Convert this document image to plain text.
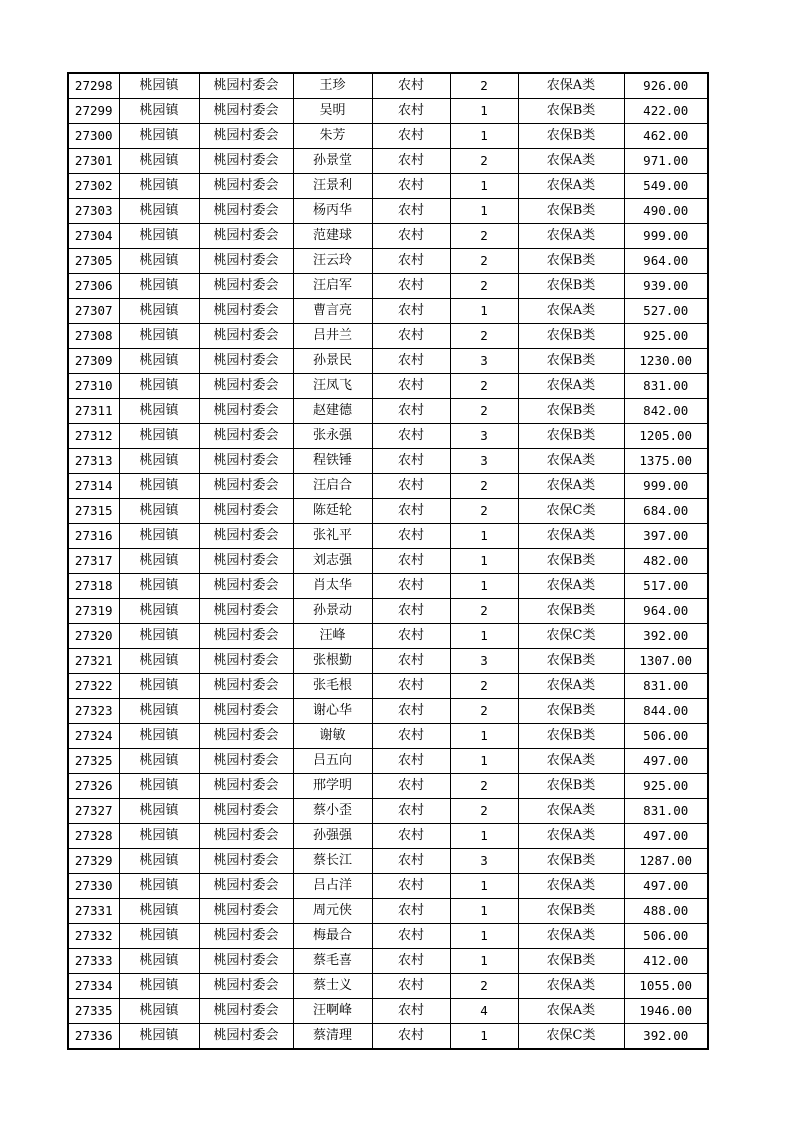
27298	桃园镇	桃园村委会	王珍	农村	2	农保A类	926.00
27299	桃园镇	桃园村委会	吴明	农村	1	农保B类	422.00
27300	桃园镇	桃园村委会	朱芳	农村	1	农保B类	462.00
27301	桃园镇	桃园村委会	孙景堂	农村	2	农保A类	971.00
27302	桃园镇	桃园村委会	汪景利	农村	1	农保A类	549.00
27303	桃园镇	桃园村委会	杨丙华	农村	1	农保B类	490.00
27304	桃园镇	桃园村委会	范建球	农村	2	农保A类	999.00
27305	桃园镇	桃园村委会	汪云玲	农村	2	农保B类	964.00
27306	桃园镇	桃园村委会	汪启军	农村	2	农保B类	939.00
27307	桃园镇	桃园村委会	曹言亮	农村	1	农保A类	527.00
27308	桃园镇	桃园村委会	吕井兰	农村	2	农保B类	925.00
27309	桃园镇	桃园村委会	孙景民	农村	3	农保B类	1230.00
27310	桃园镇	桃园村委会	汪凤飞	农村	2	农保A类	831.00
27311	桃园镇	桃园村委会	赵建德	农村	2	农保B类	842.00
27312	桃园镇	桃园村委会	张永强	农村	3	农保B类	1205.00
27313	桃园镇	桃园村委会	程铁锤	农村	3	农保A类	1375.00
27314	桃园镇	桃园村委会	汪启合	农村	2	农保A类	999.00
27315	桃园镇	桃园村委会	陈廷轮	农村	2	农保C类	684.00
27316	桃园镇	桃园村委会	张礼平	农村	1	农保A类	397.00
27317	桃园镇	桃园村委会	刘志强	农村	1	农保B类	482.00
27318	桃园镇	桃园村委会	肖太华	农村	1	农保A类	517.00
27319	桃园镇	桃园村委会	孙景动	农村	2	农保B类	964.00
27320	桃园镇	桃园村委会	汪峰	农村	1	农保C类	392.00
27321	桃园镇	桃园村委会	张根勤	农村	3	农保B类	1307.00
27322	桃园镇	桃园村委会	张毛根	农村	2	农保A类	831.00
27323	桃园镇	桃园村委会	谢心华	农村	2	农保B类	844.00
27324	桃园镇	桃园村委会	谢敏	农村	1	农保B类	506.00
27325	桃园镇	桃园村委会	吕五向	农村	1	农保A类	497.00
27326	桃园镇	桃园村委会	邢学明	农村	2	农保B类	925.00
27327	桃园镇	桃园村委会	蔡小歪	农村	2	农保A类	831.00
27328	桃园镇	桃园村委会	孙强强	农村	1	农保A类	497.00
27329	桃园镇	桃园村委会	蔡长江	农村	3	农保B类	1287.00
27330	桃园镇	桃园村委会	吕占洋	农村	1	农保A类	497.00
27331	桃园镇	桃园村委会	周元侠	农村	1	农保B类	488.00
27332	桃园镇	桃园村委会	梅最合	农村	1	农保A类	506.00
27333	桃园镇	桃园村委会	蔡毛喜	农村	1	农保B类	412.00
27334	桃园镇	桃园村委会	蔡士义	农村	2	农保A类	1055.00
27335	桃园镇	桃园村委会	汪啊峰	农村	4	农保A类	1946.00
27336	桃园镇	桃园村委会	蔡清理	农村	1	农保C类	392.00
